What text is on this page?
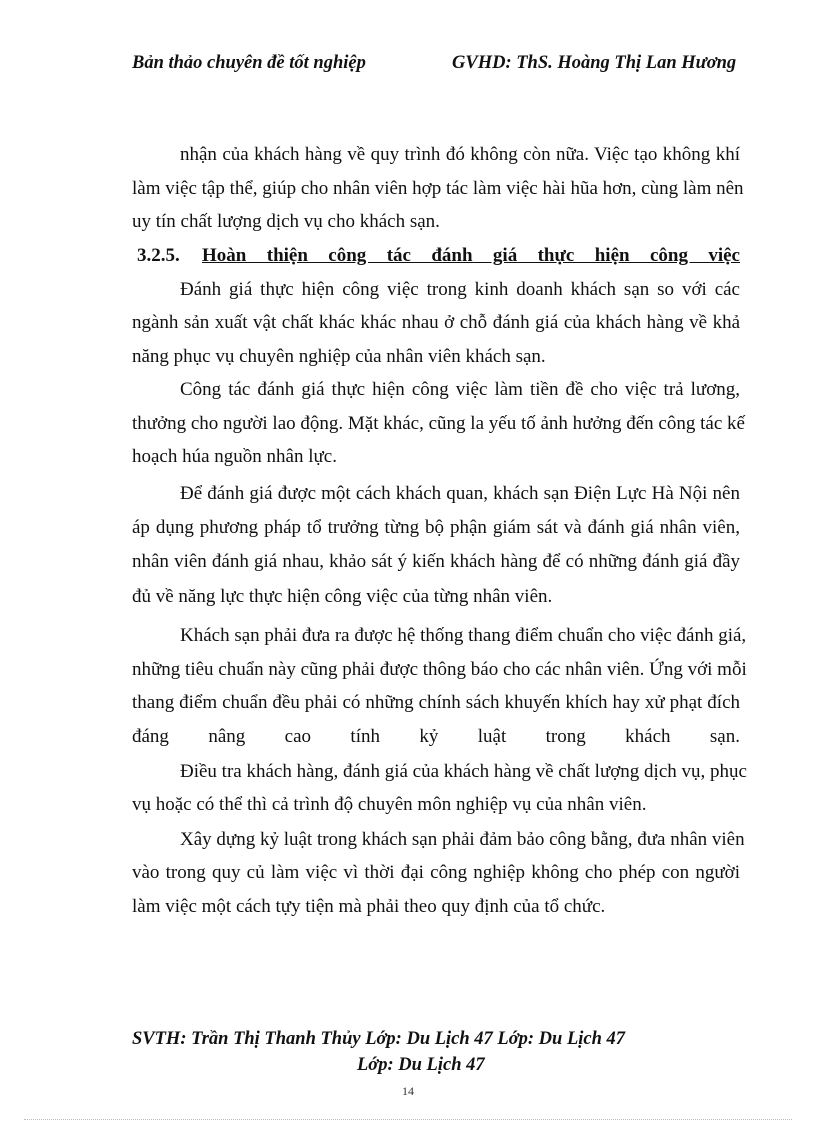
Bản thảo chuyên đề tốt nghiệp	GVHD: ThS. Hoàng Thị Lan Hương
nhận của khách hàng về quy trình đó không còn nữa. Việc tạo không khí
làm việc tập thể, giúp cho nhân viên hợp tác làm việc hài hũa hơn, cùng làm nên
uy tín chất lượng dịch vụ cho khách sạn.
3.2.5. Hoàn thiện công tác đánh giá thực hiện công việc
Đánh giá thực hiện công việc trong kinh doanh khách sạn so với các
ngành sản xuất vật chất khác khác nhau ở chỗ đánh giá của khách hàng về khả
năng phục vụ chuyên nghiệp của nhân viên khách sạn.
Công tác đánh giá thực hiện công việc làm tiền đề cho việc trả lương,
thưởng cho người lao động. Mặt khác, cũng la yếu tố ảnh hưởng đến công tác kế
hoạch húa nguồn nhân lực.
Để đánh giá được một cách khách quan, khách sạn Điện Lực Hà Nội nên
áp dụng phương pháp tổ trưởng từng bộ phận giám sát và đánh giá nhân viên,
nhân viên đánh giá nhau, khảo sát ý kiến khách hàng để có những đánh giá đầy
đủ về năng lực thực hiện công việc của từng nhân viên.
Khách sạn phải đưa ra được hệ thống thang điểm chuẩn cho việc đánh giá,
những tiêu chuẩn này cũng phải được thông báo cho các nhân viên. Ứng với mỗi
thang điểm chuẩn đều phải có những chính sách khuyến khích hay xử phạt đích
đáng nâng cao tính kỷ luật trong khách sạn.
Điều tra khách hàng, đánh giá của khách hàng về chất lượng dịch vụ, phục
vụ hoặc có thể thì cả trình độ chuyên môn nghiệp vụ của nhân viên.
Xây dựng kỷ luật trong khách sạn phải đảm bảo công bằng, đưa nhân viên
vào trong quy củ làm việc vì thời đại công nghiệp không cho phép con người
làm việc một cách tựy tiện mà phải theo quy định của tổ chức.
SVTH: Trần Thị Thanh Thủy Lớp: Du Lịch 47 Lớp: Du Lịch 47
Lớp: Du Lịch 47
14
